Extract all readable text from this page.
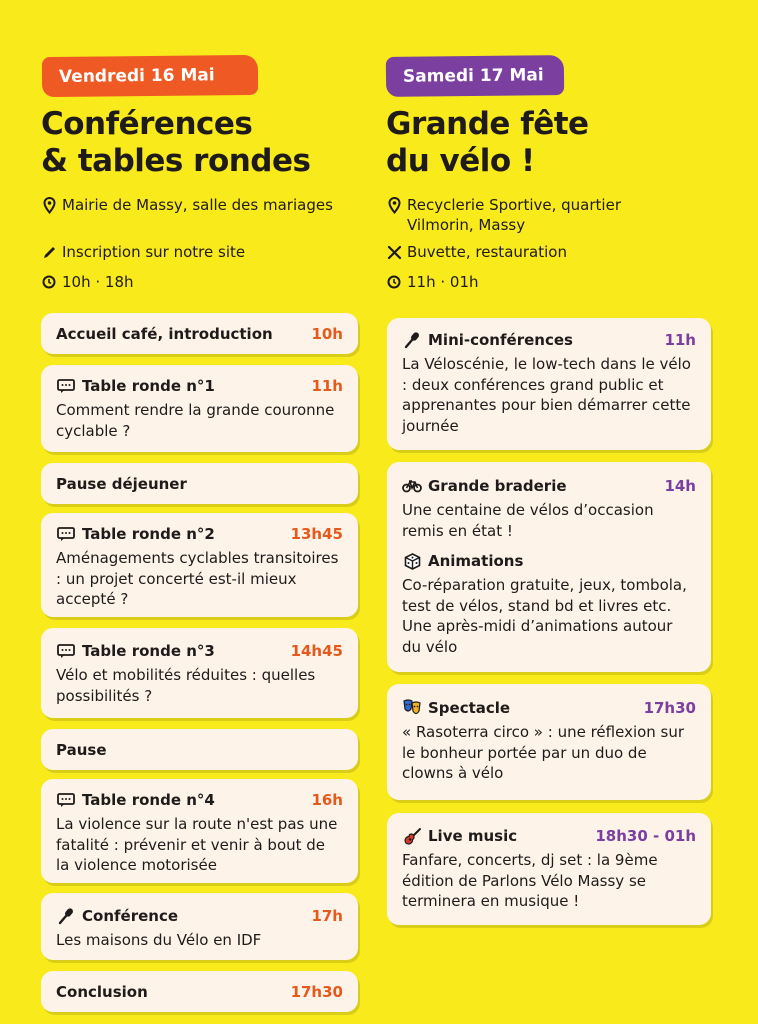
Vendredi 16 Mai
Conférences
& tables rondes
Mairie de Massy, salle des mariages
Inscription sur notre site
10h · 18h
Accueil café, introduction	10h
Table ronde n°1	11h
Comment rendre la grande couronne cyclable ?
Pause déjeuner
Table ronde n°2	13h45
Aménagements cyclables transitoires : un projet concerté est-il mieux accepté ?
Table ronde n°3	14h45
Vélo et mobilités réduites : quelles possibilités ?
Pause
Table ronde n°4	16h
La violence sur la route n'est pas une fatalité : prévenir et venir à bout de la violence motorisée
Conférence	17h
Les maisons du Vélo en IDF
Conclusion	17h30
Samedi 17 Mai
Grande fête
du vélo !
Recyclerie Sportive, quartier Vilmorin, Massy
Buvette, restauration
11h · 01h
Mini-conférences	11h
La Véloscénie, le low-tech dans le vélo : deux conférences grand public et apprenantes pour bien démarrer cette journée
Grande braderie	14h
Une centaine de vélos d’occasion remis en état !
Animations
Co-réparation gratuite, jeux, tombola, test de vélos, stand bd et livres etc. Une après-midi d’animations autour du vélo
Spectacle	17h30
« Rasoterra circo » : une réflexion sur le bonheur portée par un duo de clowns à vélo
Live music	18h30 - 01h
Fanfare, concerts, dj set : la 9ème édition de Parlons Vélo Massy se terminera en musique !
